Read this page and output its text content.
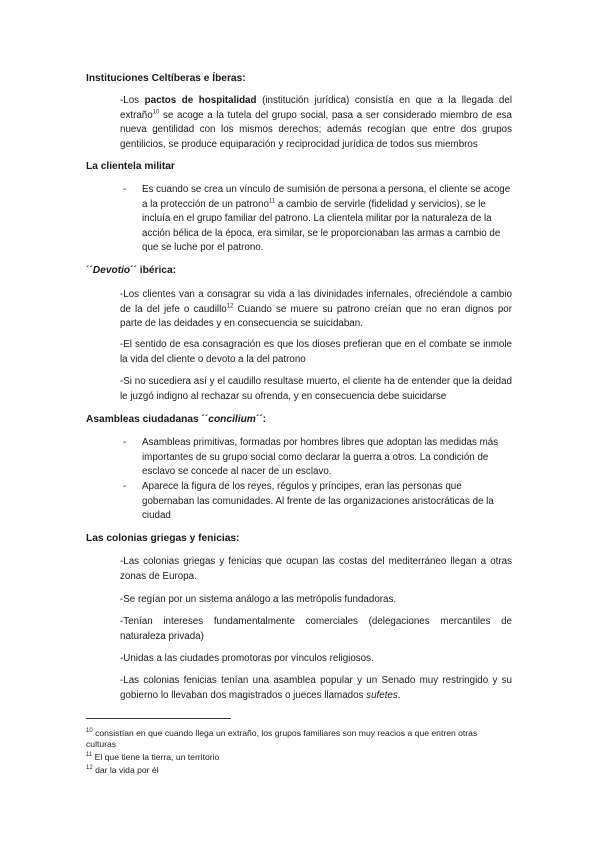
Instituciones Celtíberas e Íberas:
-Los pactos de hospitalidad (institución jurídica) consistía en que a la llegada del extraño$^{10}$ se acoge a la tutela del grupo social, pasa a ser considerado miembro de esa nueva gentilidad con los mismos derechos; además recogían que entre dos grupos gentilicios, se produce equiparación y reciprocidad jurídica de todos sus miembros
La clientela militar
- Es cuando se crea un vínculo de sumisión de persona a persona, el cliente se acoge a la protección de un patrono$^{11}$ a cambio de servirle (fidelidad y servicios), se le incluía en el grupo familiar del patrono. La clientela militar por la naturaleza de la acción bélica de la época, era similar, se le proporcionaban las armas a cambio de que se luche por el patrono.
´´Devotio´´ ibérica:
-Los clientes van a consagrar su vida a las divinidades infernales, ofreciéndole a cambio de la del jefe o caudillo$^{12}$ Cuando se muere su patrono creían que no eran dignos por parte de las deidades y en consecuencia se suicidaban.
-El sentido de esa consagración es que los dioses prefieran que en el combate se inmole la vida del cliente o devoto a la del patrono
-Si no sucediera así y el caudillo resultase muerto, el cliente ha de entender que la deidad le juzgó indigno al rechazar su ofrenda, y en consecuencia debe suicidarse
Asambleas ciudadanas ´´concilium´´:
- Asambleas primitivas, formadas por hombres libres que adoptan las medidas más importantes de su grupo social como declarar la guerra a otros. La condición de esclavo se concede al nacer de un esclavo.
- Aparece la figura de los reyes, régulos y príncipes, eran las personas que gobernaban las comunidades. Al frente de las organizaciones aristocráticas de la ciudad
Las colonias griegas y fenicias:
-Las colonias griegas y fenicias que ocupan las costas del mediterráneo llegan a otras zonas de Europa.
-Se regían por un sistema análogo a las metrópolis fundadoras.
-Tenían intereses fundamentalmente comerciales (delegaciones mercantiles de naturaleza privada)
-Unidas a las ciudades promotoras por vínculos religiosos.
-Las colonias fenicias tenían una asamblea popular y un Senado muy restringido y su gobierno lo llevaban dos magistrados o jueces llamados sufetes.
$^{10}$ consistían en que cuando llega un extraño, los grupos familiares son muy reacios a que entren otras culturas
$^{11}$ El que tiene la tierra, un territorio
$^{12}$ dar la vida por él
